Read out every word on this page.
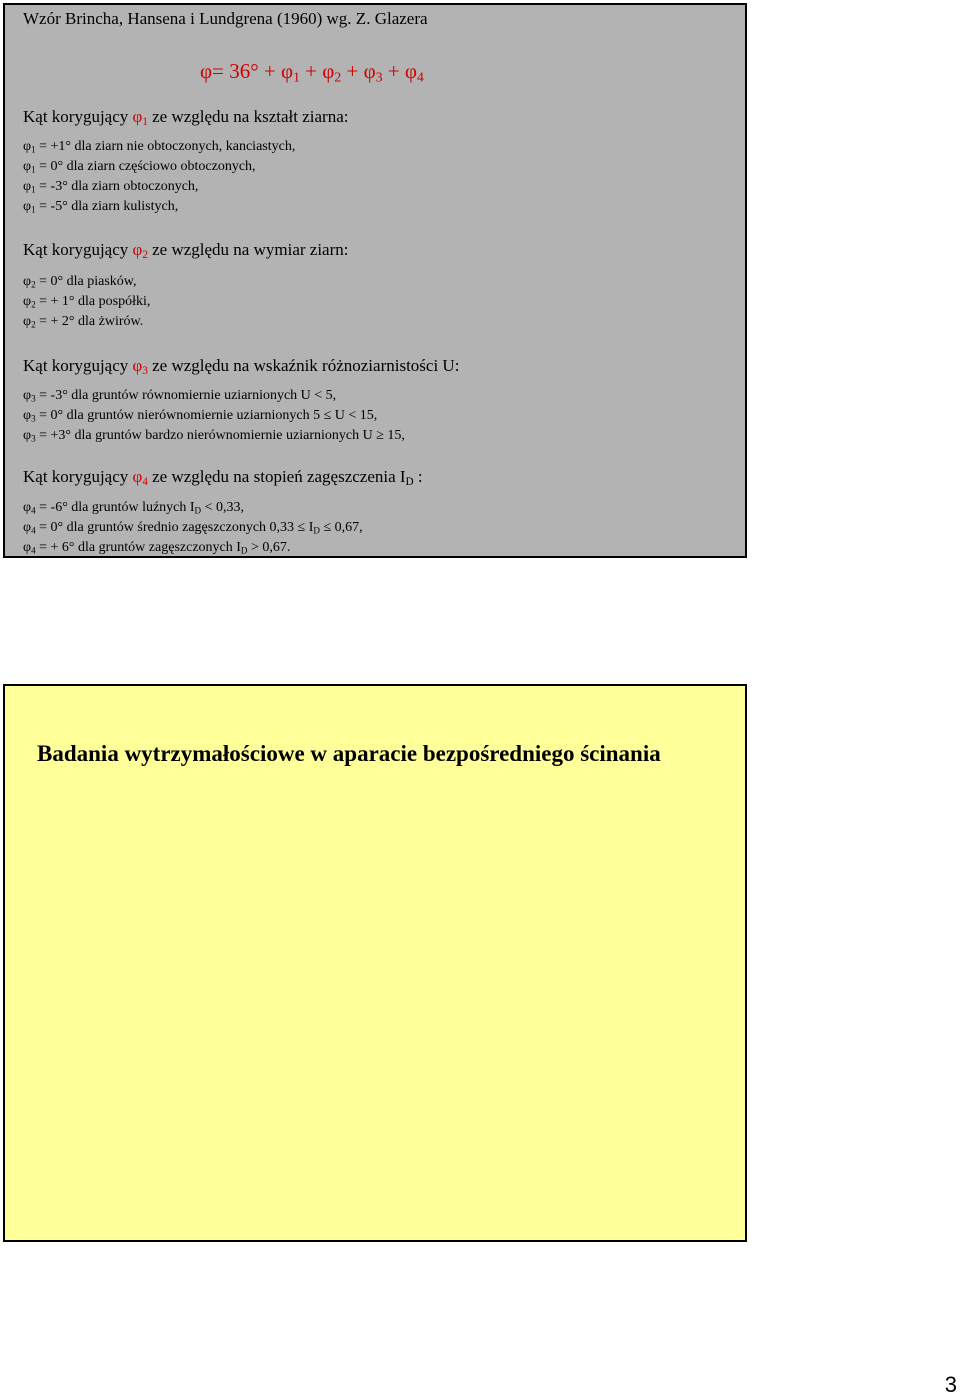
Wzór Brincha, Hansena i Lundgrena (1960) wg. Z. Glazera
$\varphi= 36^\circ + \varphi_1 + \varphi_2 + \varphi_3 + \varphi_4$
Kąt korygujący $\varphi_1$ ze względu na kształt ziarna:
$\varphi_1 = +1^\circ$ dla ziarn nie obtoczonych, kanciastych,
$\varphi_1 = 0^\circ$ dla ziarn częściowo obtoczonych,
$\varphi_1 = -3^\circ$ dla ziarn obtoczonych,
$\varphi_1 = -5^\circ$ dla ziarn kulistych,
Kąt korygujący $\varphi_2$ ze względu na wymiar ziarn:
$\varphi_2 = 0^\circ$ dla piasków,
$\varphi_2$ = + 1° dla pospółki,
$\varphi_2$ = + 2° dla żwirów.
Kąt korygujący $\varphi_3$ ze względu na wskaźnik różnoziarnistości U:
$\varphi_3 = -3^\circ$ dla gruntów równomiernie uziarnionych U < 5,
$\varphi_3 = 0^\circ$ dla gruntów nierównomiernie uziarnionych 5 ≤ U < 15,
$\varphi_3 = +3^\circ$ dla gruntów bardzo nierównomiernie uziarnionych U ≥ 15,
Kąt korygujący $\varphi_4$ ze względu na stopień zagęszczenia $I_D$ :
$\varphi_4 = -6^\circ$ dla gruntów luźnych $I_D < 0,33$,
$\varphi_4 = 0^\circ$ dla gruntów średnio zagęszczonych $0,33 \le I_D \le 0,67$,
$\varphi_4$ = + 6° dla gruntów zagęszczonych $I_D > 0,67$.
Badania wytrzymałościowe w aparacie bezpośredniego ścinania
3
